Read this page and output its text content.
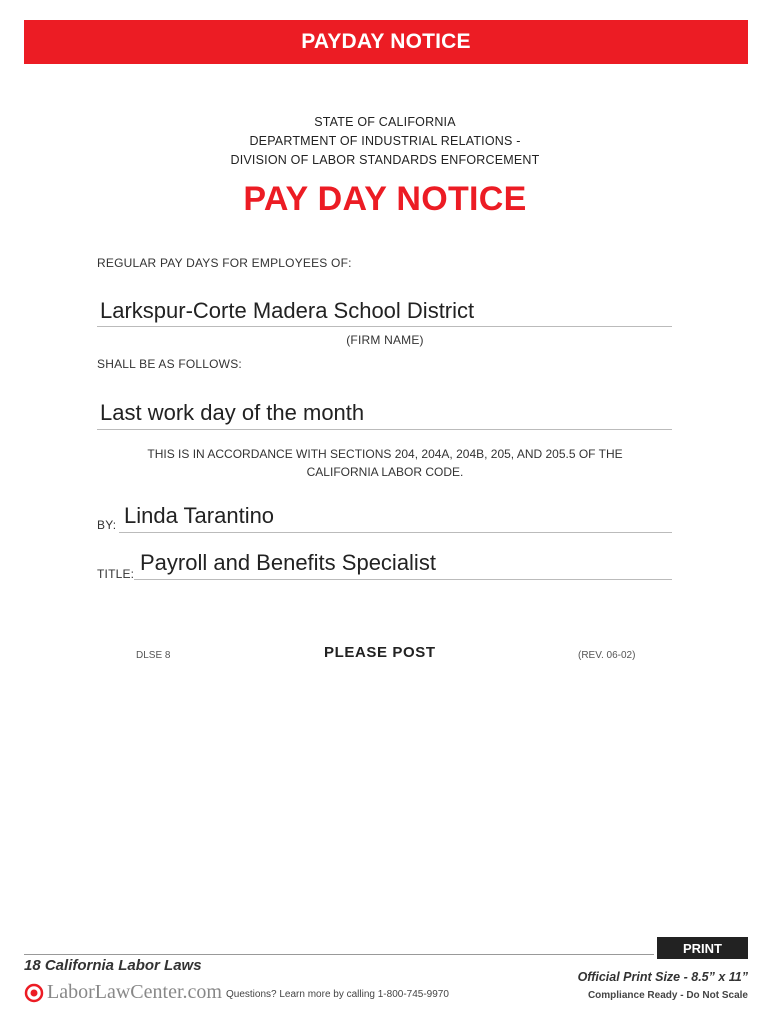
PAYDAY NOTICE
STATE OF CALIFORNIA
DEPARTMENT OF INDUSTRIAL RELATIONS -
DIVISION OF LABOR STANDARDS ENFORCEMENT
PAY DAY NOTICE
REGULAR PAY DAYS FOR EMPLOYEES OF:
Larkspur-Corte Madera School District
(FIRM NAME)
SHALL BE AS FOLLOWS:
Last work day of the month
THIS IS IN ACCORDANCE WITH SECTIONS 204, 204A, 204B, 205, AND 205.5 OF THE
CALIFORNIA LABOR CODE.
BY: Linda Tarantino
TITLE: Payroll and Benefits Specialist
DLSE 8	PLEASE POST	(REV. 06-02)
PRINT
18 California Labor Laws
LaborLawCenter.com Questions? Learn more by calling 1-800-745-9970
Official Print Size - 8.5” x 11”
Compliance Ready - Do Not Scale
